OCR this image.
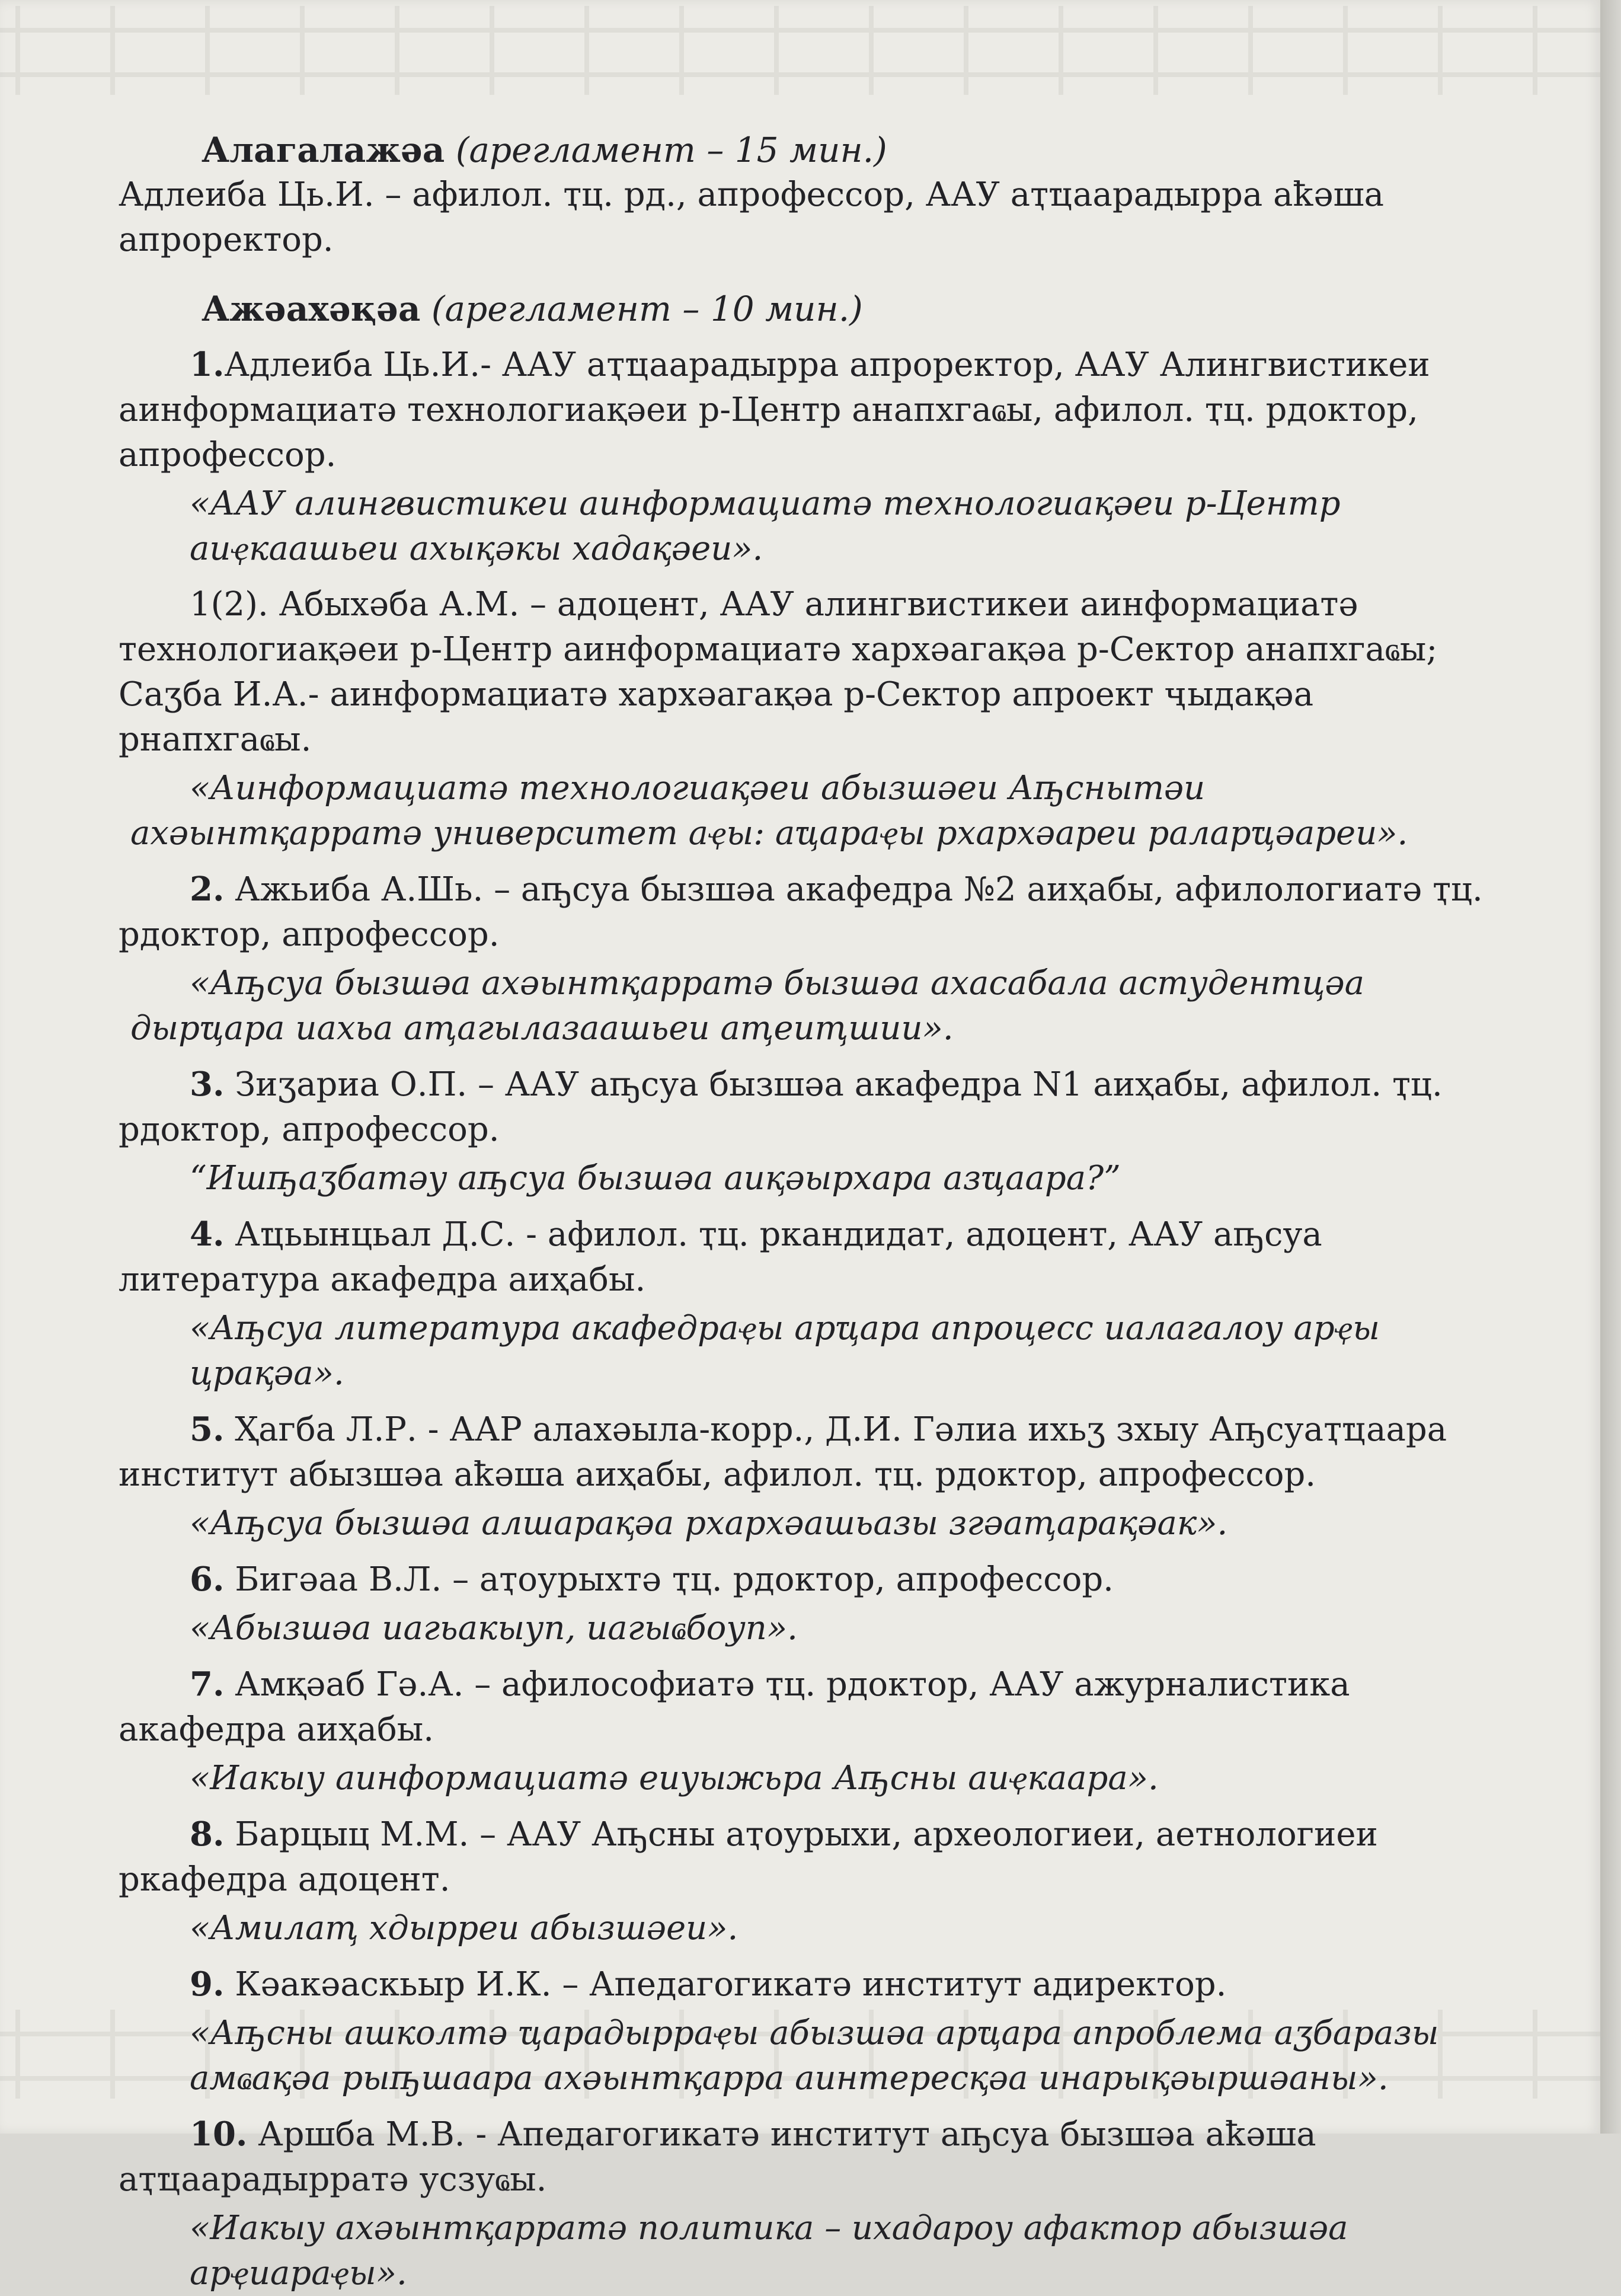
Алагалажəа (арегламент – 15 мин.)

Адлеиба Ць.И. – афилол. ҭц. рд., апрофессор, ААУ аҭҵаарадырра аҟəша апроректор.

Ажəахəқəа (арегламент – 10 мин.)

1.Адлеиба Ць.И.- ААУ аҭҵаарадырра апроректор, ААУ Алингвистикеи аинформациатə технологиақəеи р-Центр анапхгаҩы, афилол. ҭц. рдоктор, апрофессор.

«ААУ алингвистикеи аинформациатə технологиақəеи р-Центр аиҿкаашьеи ахықəкы хадақəеи».

1(2). Абыхəба А.М. – адоцент, ААУ алингвистикеи аинформациатə технологиақəеи р-Центр аинформациатə хархəагақəа р-Сектор анапхгаҩы; Саӡба И.А.- аинформациатə хархəагақəа р-Сектор апроект ҷыдақəа рнапхгаҩы.

«Аинформациатə технологиақəеи абызшəеи Аҧснытəи ахəынтқарратə университет аҿы: аҵараҿы рхархəареи раларҵəареи».

2. Ажьиба А.Шь. – аҧсуа бызшəа акафедра №2 аиҳабы, афилологиатə ҭц. рдоктор, апрофессор.

«Аҧсуа бызшəа ахəынтқарратə бызшəа ахасабала астудентцəа дырҵара иахьа аҭагылазаашьеи аҭеиҭшии».

3. Зиӡариа О.П. – ААУ аҧсуа бызшəа акафедра N1 аиҳабы, афилол. ҭц. рдоктор, апрофессор.

“Ишҧаӡбатəу аҧсуа бызшəа аиқəырхара азҵаара?”

4. Аҵьынцьал Д.С. - афилол. ҭц. ркандидат, адоцент, ААУ аҧсуа литература акафедра аиҳабы.

«Аҧсуа литература акафедраҿы арҵара апроцесс иалагалоу арҿы црақəа».

5. Ҳагба Л.Р. - ААР алахəыла-корр., Д.И. Гəлиа ихьӡ зхыу Аҧсуаҭҵаара институт абызшəа аҟəша аиҳабы, афилол. ҭц. рдоктор, апрофессор.

«Аҧсуа бызшəа алшарақəа рхархəашьазы згəаҭарақəак».

6. Бигəаа В.Л. – аҭоурыхтə ҭц. рдоктор, апрофессор.

«Абызшəа иагьакыуп, иагыҩбоуп».

7. Амқəаб Гə.А. – афилософиатə ҭц. рдоктор, ААУ ажурналистика акафедра аиҳабы.

«Иакыу аинформациатə еиуыжьра Аҧсны аиҿкаара».

8. Барцыц М.М. – ААУ Аҧсны аҭоурыхи, археологиеи, аетнологиеи ркафедра адоцент.

«Амилаҭ хдырреи абызшəеи».

9. Кəакəаскьыр И.К. – Апедагогикатə институт адиректор.

«Аҧсны ашколтə ҵарадырраҿы абызшəа арҵара апроблема аӡбаразы амҩақəа рыҧшаара ахəынтқарра аинтересқəа инарықəыршəаны».

10. Аршба М.В. - Апедагогикатə институт аҧсуа бызшəа аҟəша аҭҵаарадырратə усзуҩы.

«Иакыу ахəынтқарратə политика – ихадароу афактор абызшəа арҿиараҿы».
